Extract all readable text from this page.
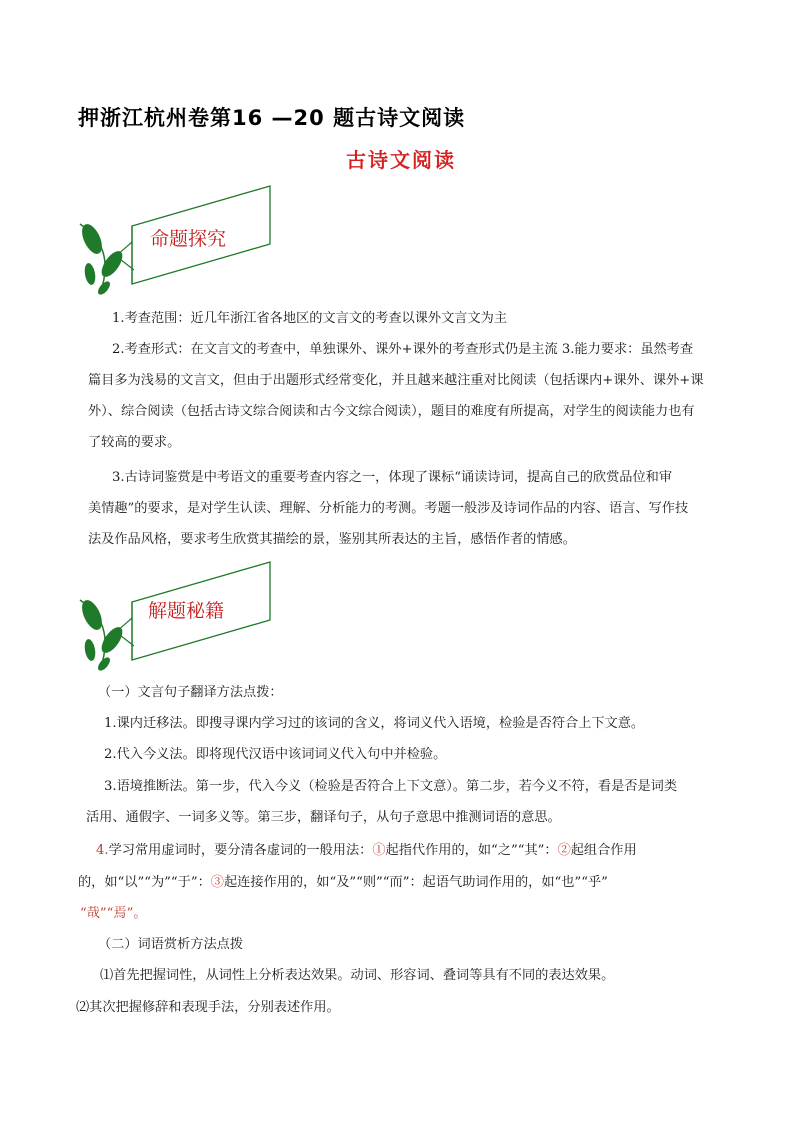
押浙江杭州卷第16 —20 题古诗文阅读
古诗文阅读
命题探究
1.考查范围：近几年浙江省各地区的文言文的考查以课外文言文为主
2.考查形式：在文言文的考查中，单独课外、课外+课外的考查形式仍是主流 3.能力要求：虽然考查
篇目多为浅易的文言文，但由于出题形式经常变化，并且越来越注重对比阅读（包括课内+课外、课外+课
外）、综合阅读（包括古诗文综合阅读和古今文综合阅读），题目的难度有所提高，对学生的阅读能力也有
了较高的要求。
3.古诗词鉴赏是中考语文的重要考查内容之一，体现了课标“诵读诗词，提高自己的欣赏品位和审
美情趣”的要求，是对学生认读、理解、分析能力的考测。考题一般涉及诗词作品的内容、语言、写作技
法及作品风格，要求考生欣赏其描绘的景，鉴别其所表达的主旨，感悟作者的情感。
解题秘籍
（一）文言句子翻译方法点拨：
1.课内迁移法。即搜寻课内学习过的该词的含义，将词义代入语境，检验是否符合上下文意。
2.代入今义法。即将现代汉语中该词词义代入句中并检验。
3.语境推断法。第一步，代入今义（检验是否符合上下文意）。第二步，若今义不符，看是否是词类
活用、通假字、一词多义等。第三步，翻译句子，从句子意思中推测词语的意思。
4.学习常用虚词时，要分清各虚词的一般用法：①起指代作用的，如“之”“其”：②起组合作用
的，如“以”“为”“于”：③起连接作用的，如“及”“则”“而”：起语气助词作用的，如“也”“乎”
“哉”“焉”。
（二）词语赏析方法点拨
⑴首先把握词性，从词性上分析表达效果。动词、形容词、叠词等具有不同的表达效果。
⑵其次把握修辞和表现手法，分别表述作用。
